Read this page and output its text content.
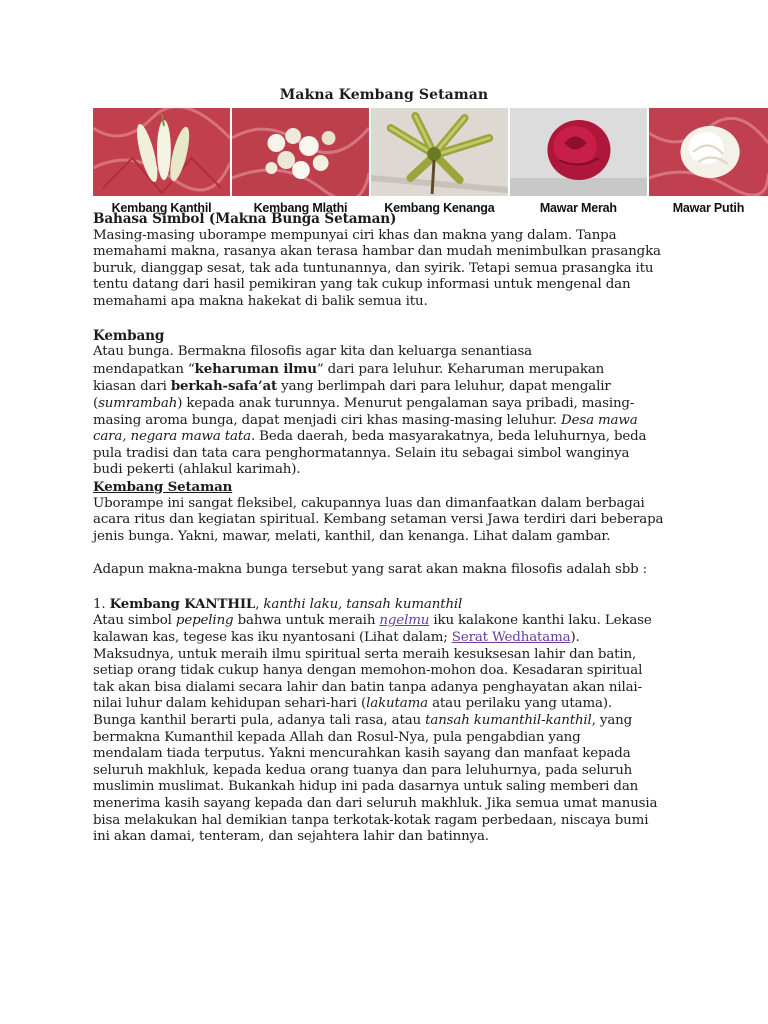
Makna Kembang Setaman
Kembang Kanthil	Kembang Mlathi	Kembang Kenanga	Mawar Merah	Mawar Putih

Bahasa Simbol (Makna Bunga Setaman)

Masing-masing uborampe mempunyai ciri khas dan makna yang dalam. Tanpa memahami makna, rasanya akan terasa hambar dan mudah menimbulkan prasangka buruk, dianggap sesat, tak ada tuntunannya, dan syirik. Tetapi semua prasangka itu tentu datang dari hasil pemikiran yang tak cukup informasi untuk mengenal dan memahami apa makna hakekat di balik semua itu.

Kembang

Atau bunga. Bermakna filosofis agar kita dan keluarga senantiasa
mendapatkan “keharuman ilmu” dari para leluhur. Keharuman merupakan
kiasan dari berkah-safa’at yang berlimpah dari para leluhur, dapat mengalir
(sumrambah) kepada anak turunnya. Menurut pengalaman saya pribadi, masing-
masing aroma bunga, dapat menjadi ciri khas masing-masing leluhur. Desa mawa
cara, negara mawa tata. Beda daerah, beda masyarakatnya, beda leluhurnya, beda
pula tradisi dan tata cara penghormatannya. Selain itu sebagai simbol wanginya
budi pekerti (ahlakul karimah).

Kembang Setaman

Uborampe ini sangat fleksibel, cakupannya luas dan dimanfaatkan dalam berbagai acara ritus dan kegiatan spiritual. Kembang setaman versi Jawa terdiri dari beberapa jenis bunga. Yakni, mawar, melati, kanthil, dan kenanga. Lihat dalam gambar.

Adapun makna-makna bunga tersebut yang sarat akan makna filosofis adalah sbb :

1. Kembang KANTHIL, kanthi laku, tansah kumanthil

Atau simbol pepeling bahwa untuk meraih ngelmu iku kalakone kanthi laku. Lekase
kalawan kas, tegese kas iku nyantosani (Lihat dalam; Serat Wedhatama).
Maksudnya, untuk meraih ilmu spiritual serta meraih kesuksesan lahir dan batin,
setiap orang tidak cukup hanya dengan memohon-mohon doa. Kesadaran spiritual
tak akan bisa dialami secara lahir dan batin tanpa adanya penghayatan akan nilai-
nilai luhur dalam kehidupan sehari-hari (lakutama atau perilaku yang utama).
Bunga kanthil berarti pula, adanya tali rasa, atau tansah kumanthil-kanthil, yang
bermakna Kumanthil kepada Allah dan Rosul-Nya, pula pengabdian yang
mendalam tiada terputus. Yakni mencurahkan kasih sayang dan manfaat kepada
seluruh makhluk, kepada kedua orang tuanya dan para leluhurnya, pada seluruh
muslimin muslimat. Bukankah hidup ini pada dasarnya untuk saling memberi dan
menerima kasih sayang kepada dan dari seluruh makhluk. Jika semua umat manusia
bisa melakukan hal demikian tanpa terkotak-kotak ragam perbedaan, niscaya bumi
ini akan damai, tenteram, dan sejahtera lahir dan batinnya.
